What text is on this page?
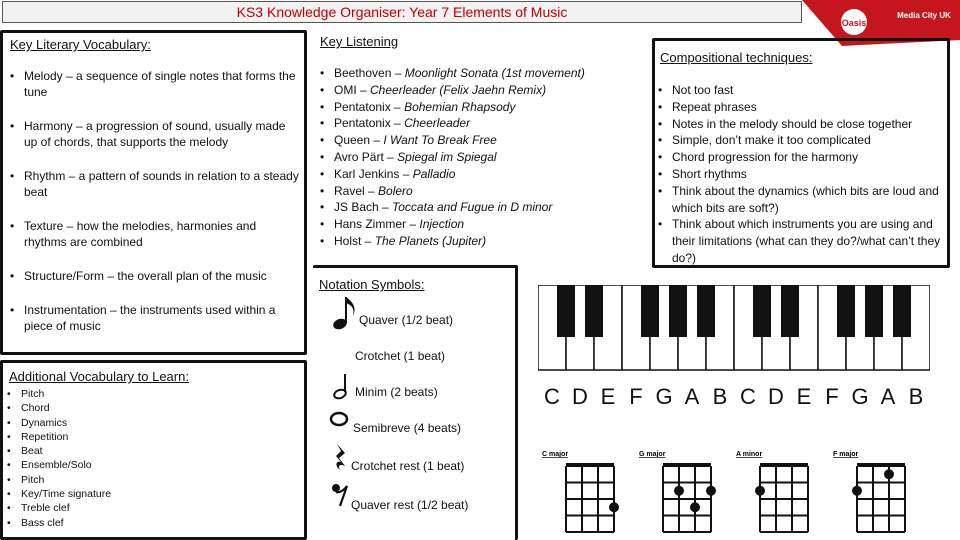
KS3 Knowledge Organiser: Year 7 Elements of Music
Oasis
Media City UK
Key Literary Vocabulary:
• Melody – a sequence of single notes that forms the tune
• Harmony – a progression of sound, usually made up of chords, that supports the melody
• Rhythm – a pattern of sounds in relation to a steady beat
• Texture – how the melodies, harmonies and rhythms are combined
• Structure/Form – the overall plan of the music
• Instrumentation – the instruments used within a piece of music
Key Listening
• Beethoven – Moonlight Sonata (1st movement)
• OMI – Cheerleader (Felix Jaehn Remix)
• Pentatonix – Bohemian Rhapsody
• Pentatonix – Cheerleader
• Queen – I Want To Break Free
• Avro Pärt – Spiegal im Spiegal
• Karl Jenkins – Palladio
• Ravel – Bolero
• JS Bach – Toccata and Fugue in D minor
• Hans Zimmer – Injection
• Holst – The Planets (Jupiter)
Compositional techniques:
• Not too fast
• Repeat phrases
• Notes in the melody should be close together
• Simple, don’t make it too complicated
• Chord progression for the harmony
• Short rhythms
• Think about the dynamics (which bits are loud and which bits are soft?)
• Think about which instruments you are using and their limitations (what can they do?/what can’t they do?)
Notation Symbols:
Quaver (1/2 beat)
Crotchet (1 beat)
Minim (2 beats)
Semibreve (4 beats)
Crotchet rest (1 beat)
Quaver rest (1/2 beat)
C D E F G A B C D E F G A B
C major	G major	A minor	F major
Additional Vocabulary to Learn:
• Pitch
• Chord
• Dynamics
• Repetition
• Beat
• Ensemble/Solo
• Pitch
• Key/Time signature
• Treble clef
• Bass clef
